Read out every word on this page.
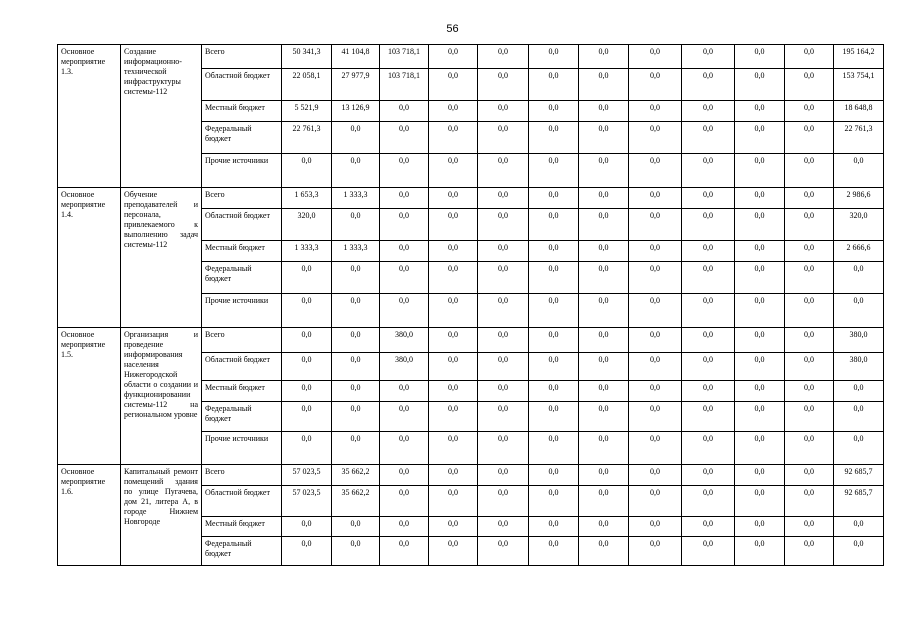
56
Основное мероприятие 1.3.	Создание информационно-технической инфраструктуры системы-112	Всего	50 341,3	41 104,8	103 718,1	0,0	0,0	0,0	0,0	0,0	0,0	0,0	0,0	195 164,2
		Областной бюджет	22 058,1	27 977,9	103 718,1	0,0	0,0	0,0	0,0	0,0	0,0	0,0	0,0	153 754,1
		Местный бюджет	5 521,9	13 126,9	0,0	0,0	0,0	0,0	0,0	0,0	0,0	0,0	0,0	18 648,8
		Федеральный бюджет	22 761,3	0,0	0,0	0,0	0,0	0,0	0,0	0,0	0,0	0,0	0,0	22 761,3
		Прочие источники	0,0	0,0	0,0	0,0	0,0	0,0	0,0	0,0	0,0	0,0	0,0	0,0
Основное мероприятие 1.4.	Обучение преподавателей и персонала, привлекаемого к выполнению задач системы-112	Всего	1 653,3	1 333,3	0,0	0,0	0,0	0,0	0,0	0,0	0,0	0,0	0,0	2 986,6
		Областной бюджет	320,0	0,0	0,0	0,0	0,0	0,0	0,0	0,0	0,0	0,0	0,0	320,0
		Местный бюджет	1 333,3	1 333,3	0,0	0,0	0,0	0,0	0,0	0,0	0,0	0,0	0,0	2 666,6
		Федеральный бюджет	0,0	0,0	0,0	0,0	0,0	0,0	0,0	0,0	0,0	0,0	0,0	0,0
		Прочие источники	0,0	0,0	0,0	0,0	0,0	0,0	0,0	0,0	0,0	0,0	0,0	0,0
Основное мероприятие 1.5.	Организация и проведение информирования населения Нижегородской области о создании и функционировании системы-112 на региональном уровне	Всего	0,0	0,0	380,0	0,0	0,0	0,0	0,0	0,0	0,0	0,0	0,0	380,0
		Областной бюджет	0,0	0,0	380,0	0,0	0,0	0,0	0,0	0,0	0,0	0,0	0,0	380,0
		Местный бюджет	0,0	0,0	0,0	0,0	0,0	0,0	0,0	0,0	0,0	0,0	0,0	0,0
		Федеральный бюджет	0,0	0,0	0,0	0,0	0,0	0,0	0,0	0,0	0,0	0,0	0,0	0,0
		Прочие источники	0,0	0,0	0,0	0,0	0,0	0,0	0,0	0,0	0,0	0,0	0,0	0,0
Основное мероприятие 1.6.	Капитальный ремонт помещений здания по улице Пугачева, дом 21, литера А, в городе Нижнем Новгороде	Всего	57 023,5	35 662,2	0,0	0,0	0,0	0,0	0,0	0,0	0,0	0,0	0,0	92 685,7
		Областной бюджет	57 023,5	35 662,2	0,0	0,0	0,0	0,0	0,0	0,0	0,0	0,0	0,0	92 685,7
		Местный бюджет	0,0	0,0	0,0	0,0	0,0	0,0	0,0	0,0	0,0	0,0	0,0	0,0
		Федеральный бюджет	0,0	0,0	0,0	0,0	0,0	0,0	0,0	0,0	0,0	0,0	0,0	0,0
